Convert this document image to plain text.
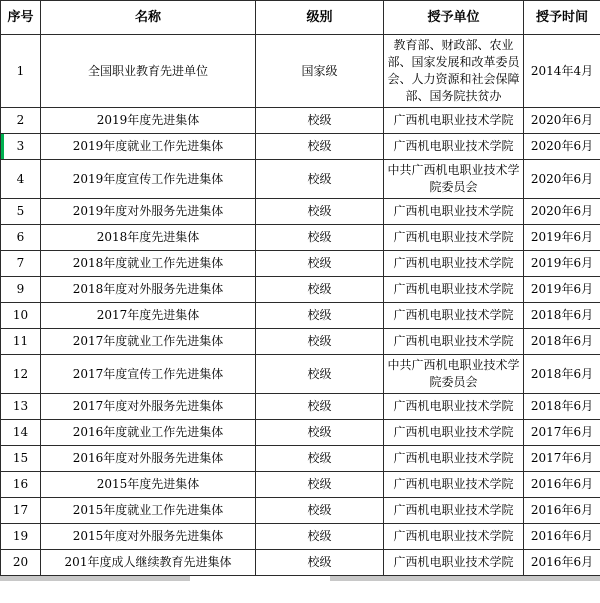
序号	名称	级别	授予单位	授予时间
1	全国职业教育先进单位	国家级	教育部、财政部、农业部、国家发展和改革委员会、人力资源和社会保障部、国务院扶贫办	2014年4月
2	2019年度先进集体	校级	广西机电职业技术学院	2020年6月
3	2019年度就业工作先进集体	校级	广西机电职业技术学院	2020年6月
4	2019年度宣传工作先进集体	校级	中共广西机电职业技术学院委员会	2020年6月
5	2019年度对外服务先进集体	校级	广西机电职业技术学院	2020年6月
6	2018年度先进集体	校级	广西机电职业技术学院	2019年6月
7	2018年度就业工作先进集体	校级	广西机电职业技术学院	2019年6月
9	2018年度对外服务先进集体	校级	广西机电职业技术学院	2019年6月
10	2017年度先进集体	校级	广西机电职业技术学院	2018年6月
11	2017年度就业工作先进集体	校级	广西机电职业技术学院	2018年6月
12	2017年度宣传工作先进集体	校级	中共广西机电职业技术学院委员会	2018年6月
13	2017年度对外服务先进集体	校级	广西机电职业技术学院	2018年6月
14	2016年度就业工作先进集体	校级	广西机电职业技术学院	2017年6月
15	2016年度对外服务先进集体	校级	广西机电职业技术学院	2017年6月
16	2015年度先进集体	校级	广西机电职业技术学院	2016年6月
17	2015年度就业工作先进集体	校级	广西机电职业技术学院	2016年6月
19	2015年度对外服务先进集体	校级	广西机电职业技术学院	2016年6月
20	201年度成人继续教育先进集体	校级	广西机电职业技术学院	2016年6月
